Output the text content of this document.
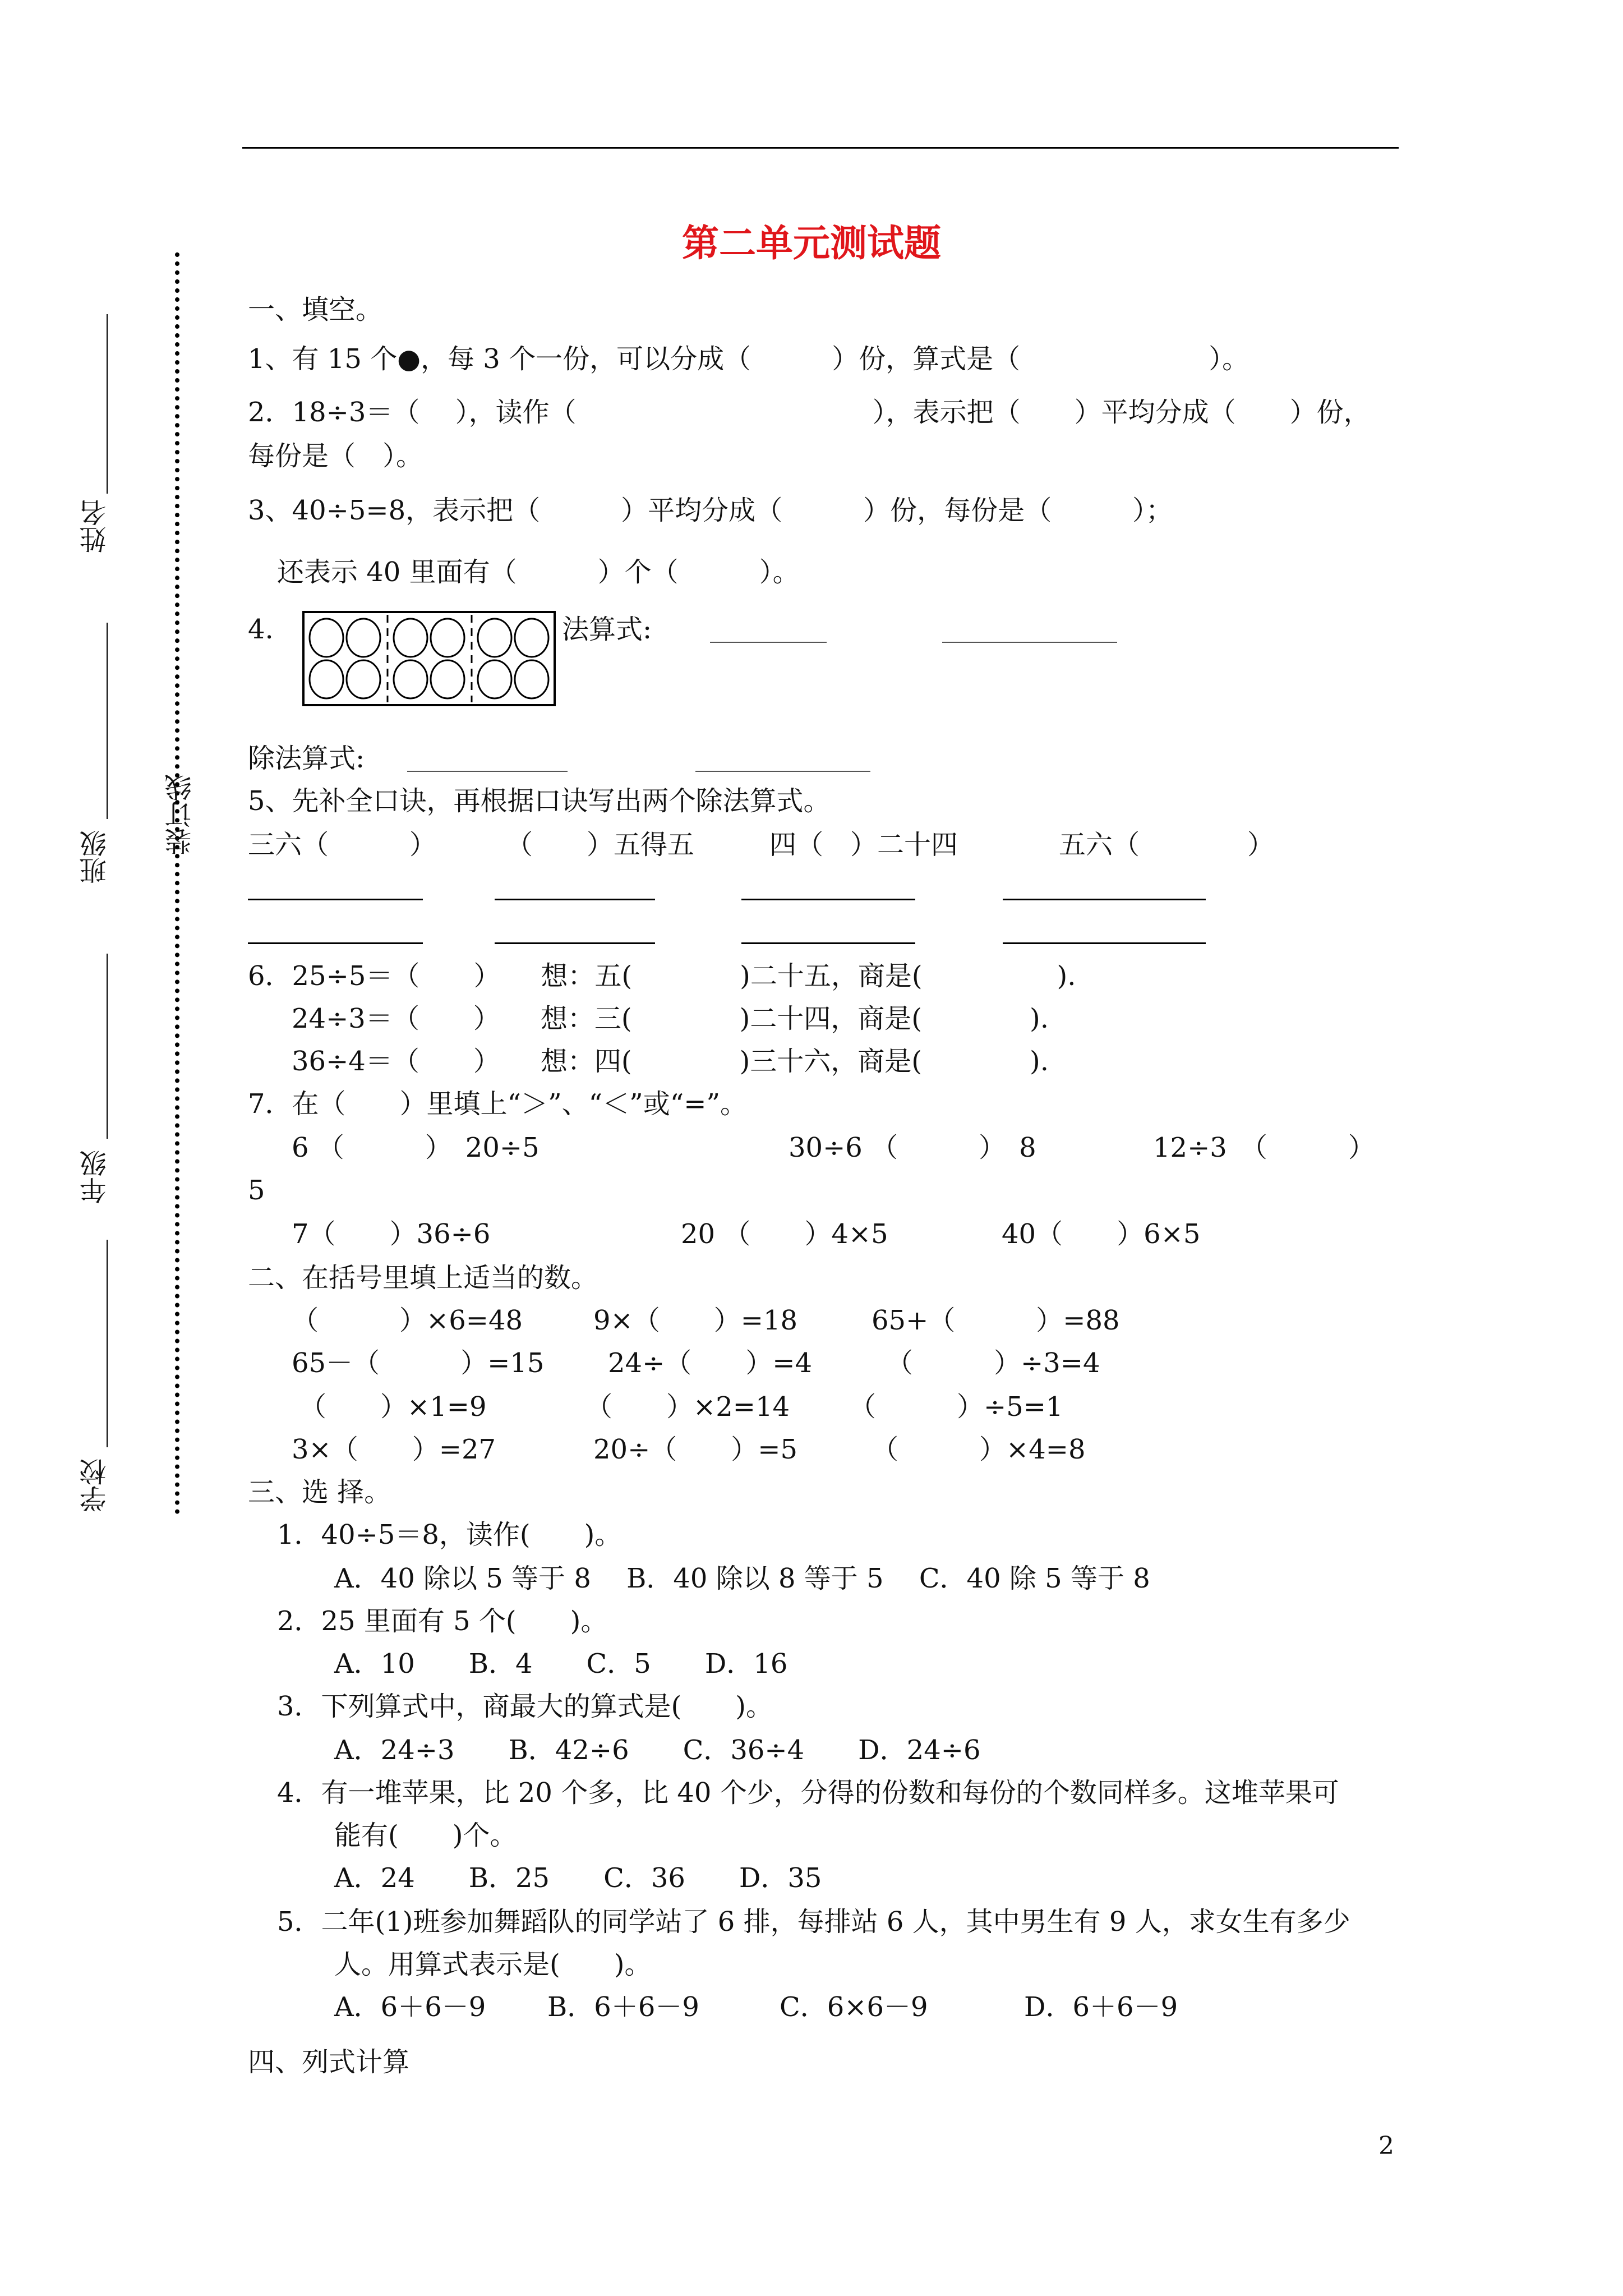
第二单元测试题
装订线
姓名
班级
年级
学校
一、填空。
1、有 15 个●，每 3 个一份，可以分成（　　　）份，算式是（　　　　　　　）。
2．18÷3＝（　 ），读作（　　　　　　　　　　　），表示把（　　）平均分成（　　）份，
每份是（　）。
3、40÷5=8，表示把（　　　）平均分成（　　　）份，每份是（　　　）；
还表示 40 里面有（　　　）个（　　　）。
4.	法算式:
除法算式:
5、先补全口诀，再根据口诀写出两个除法算式。
三六（　　　）	（　　）五得五	四（　）二十四	五六（　　　　）
6．25÷5＝（　　）　　想：五(　　　　)二十五，商是(　　　　　).
24÷3＝（　　）　　想：三(　　　　)二十四，商是(　　　　).
36÷4＝（　　）　　想：四(　　　　)三十六，商是(　　　　).
7．在（　　）里填上“＞”、“＜”或“=”。
6 （　　　）　20÷5	30÷6 （　　　）　8	12÷3　（　　　）
5
7（　　）36÷6	20 （　　）4×5	40（　　）6×5
二、在括号里填上适当的数。
（　　　）×6=48	9×（　　）=18	65+（　　　）=88
65－（　　　）=15 24÷（　　）=4	（　　　）÷3=4
（　　）×1=9	（　　）×2=14 （　　　）÷5=1
3×（　　）=27	20÷（　　）=5	（　　　）×4=8
三、选 择。
1．40÷5＝8，读作(　　)。
A．40 除以 5 等于 8　 B．40 除以 8 等于 5　 C．40 除 5 等于 8
2．25 里面有 5 个(　　)。
A．10　　B．4　　C．5　　D．16
3．下列算式中，商最大的算式是(　　)。
A．24÷3　　B．42÷6　　C．36÷4　　D．24÷6
4．有一堆苹果，比 20 个多，比 40 个少，分得的份数和每份的个数同样多。这堆苹果可
能有(　　)个。
A．24　　B．25　　C．36　　D．35
5．二年(1)班参加舞蹈队的同学站了 6 排，每排站 6 人，其中男生有 9 人，求女生有多少
人。用算式表示是(　　)。
A．6＋6－9 B．6＋6－9	C．6×6－9	D．6＋6－9
四、列式计算
2
